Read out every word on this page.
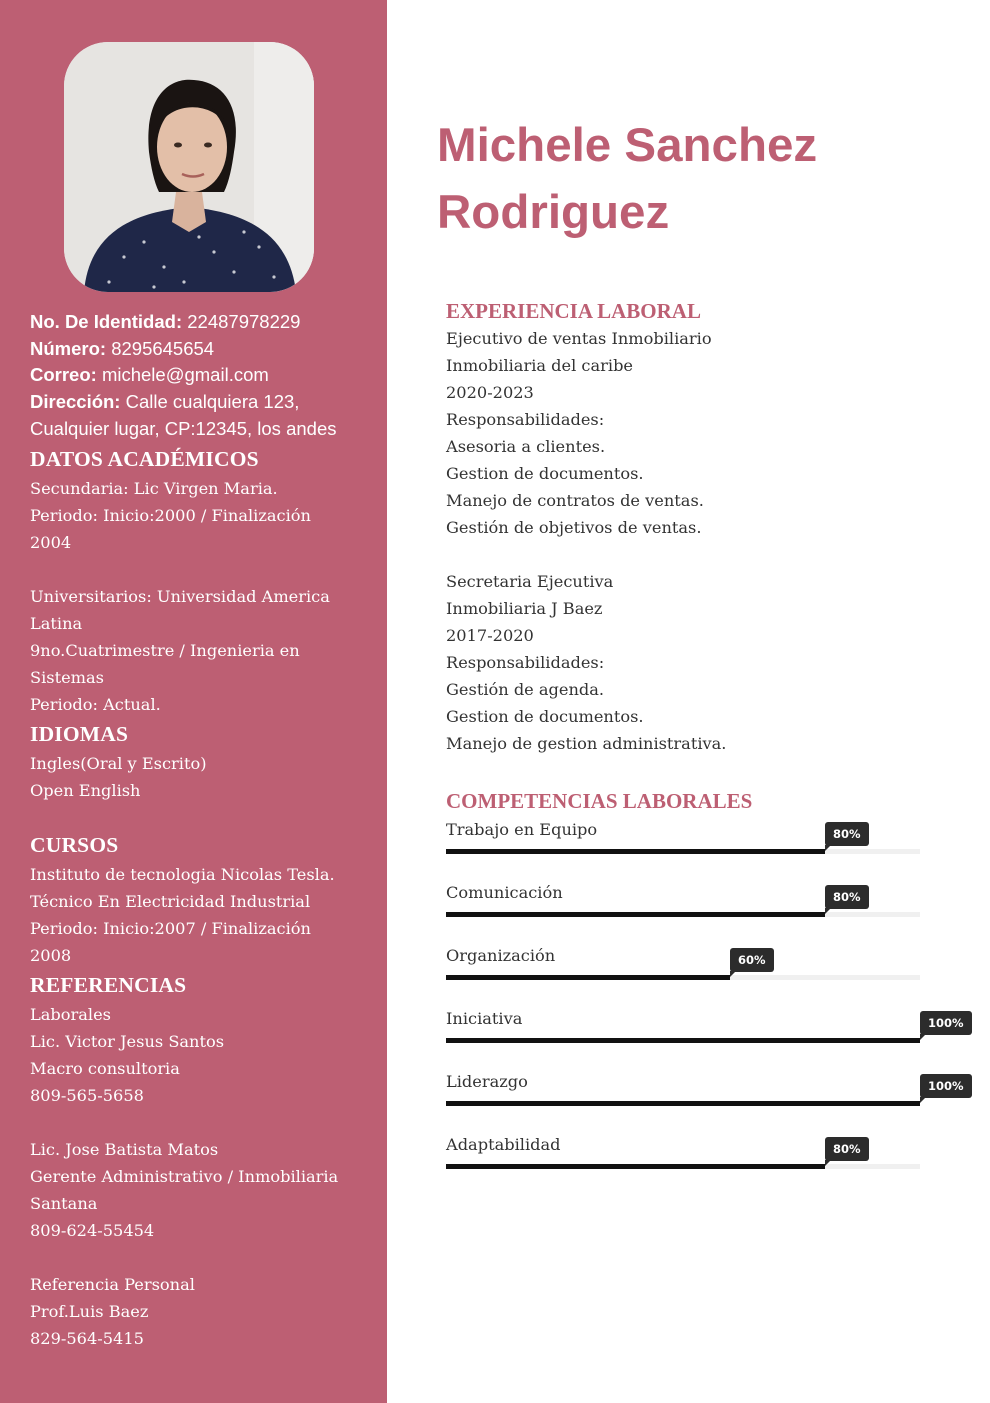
No. De Identidad: 22487978229

Número: 8295645654

Correo: michele@gmail.com

Dirección: Calle cualquiera 123,

Cualquier lugar, CP:12345, los andes

DATOS ACADÉMICOS

Secundaria: Lic Virgen Maria.

Periodo: Inicio:2000 / Finalización

2004

Universitarios: Universidad America

Latina

9no.Cuatrimestre / Ingenieria en

Sistemas

Periodo: Actual.

IDIOMAS

Ingles(Oral y Escrito)

Open English

CURSOS

Instituto de tecnologia Nicolas Tesla.

Técnico En Electricidad Industrial

Periodo: Inicio:2007 / Finalización

2008

REFERENCIAS

Laborales

Lic. Victor Jesus Santos

Macro consultoria

809-565-5658

Lic. Jose Batista Matos

Gerente Administrativo / Inmobiliaria

Santana

809-624-55454

Referencia Personal

Prof.Luis Baez

829-564-5415

Michele Sanchez
Rodriguez

EXPERIENCIA LABORAL

Ejecutivo de ventas Inmobiliario

Inmobiliaria del caribe

2020-2023

Responsabilidades:

Asesoria a clientes.

Gestion de documentos.

Manejo de contratos de ventas.

Gestión de objetivos de ventas.

Secretaria Ejecutiva

Inmobiliaria J Baez

2017-2020

Responsabilidades:

Gestión de agenda.

Gestion de documentos.

Manejo de gestion administrativa.

COMPETENCIAS LABORALES

Trabajo en Equipo	80%
Comunicación	80%
Organización	60%
Iniciativa	100%
Liderazgo	100%
Adaptabilidad	80%
